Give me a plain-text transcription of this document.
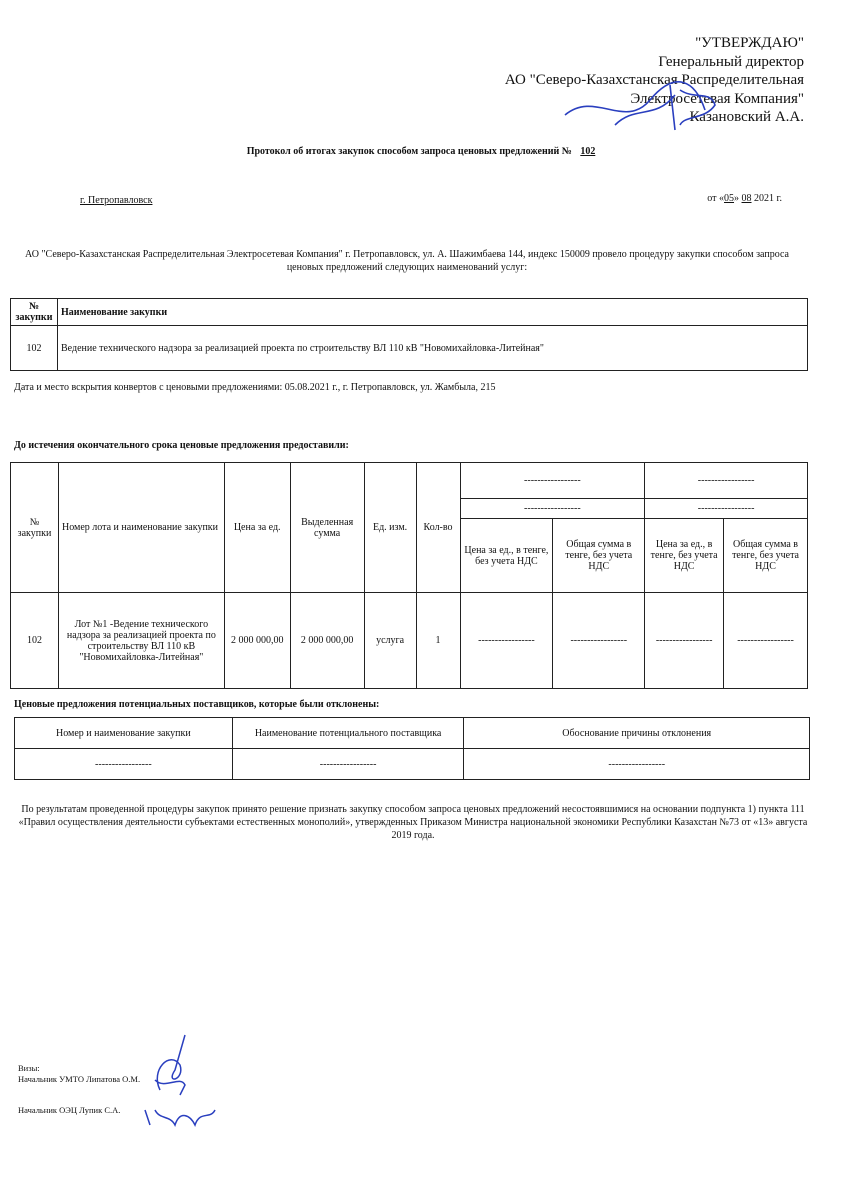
"УТВЕРЖДАЮ"
Генеральный директор
АО "Северо-Казахстанская Распределительная
Электросетевая Компания"
Казановский А.А.
Протокол об итогах закупок способом запроса ценовых предложений № 102
г. Петропавловск	от «05» 08 2021 г.
АО "Северо-Казахстанская Распределительная Электросетевая Компания" г. Петропавловск, ул. А. Шажимбаева 144, индекс 150009 провело процедуру закупки способом запроса ценовых предложений следующих наименований услуг:
№ закупки	Наименование закупки
102	Ведение технического надзора за реализацией проекта по строительству ВЛ 110 кВ "Новомихайловка-Литейная"
Дата и место вскрытия конвертов с ценовыми предложениями: 05.08.2021 г., г. Петропавловск, ул. Жамбыла, 215
До истечения окончательного срока ценовые предложения предоставили:
№ закупки	Номер лота и наименование закупки	Цена за ед.	Выделенная сумма	Ед. изм.	Кол-во	-----------------		-----------------	
						-----------------		-----------------	
						Цена за ед., в тенге, без учета НДС	Общая сумма в тенге, без учета НДС	Цена за ед., в тенге, без учета НДС	Общая сумма в тенге, без учета НДС
102	Лот №1 -Ведение технического надзора за реализацией проекта по строительству ВЛ 110 кВ "Новомихайловка-Литейная"	2 000 000,00	2 000 000,00	услуга	1	-----------------	-----------------	-----------------	-----------------
Ценовые предложения потенциальных поставщиков, которые были отклонены:
Номер и наименование закупки	Наименование потенциального поставщика	Обоснование причины отклонения
-----------------	-----------------	-----------------
По результатам проведенной процедуры закупок принято решение признать закупку способом запроса ценовых предложений несостоявшимися на основании подпункта 1) пункта 111 «Правил осуществления деятельности субъектами естественных монополий», утвержденных Приказом Министра национальной экономики Республики Казахстан №73 от «13» августа 2019 года.
Визы:
Начальник УМТО Липатова О.М.
Начальник ОЭЦ Лупик С.А.
